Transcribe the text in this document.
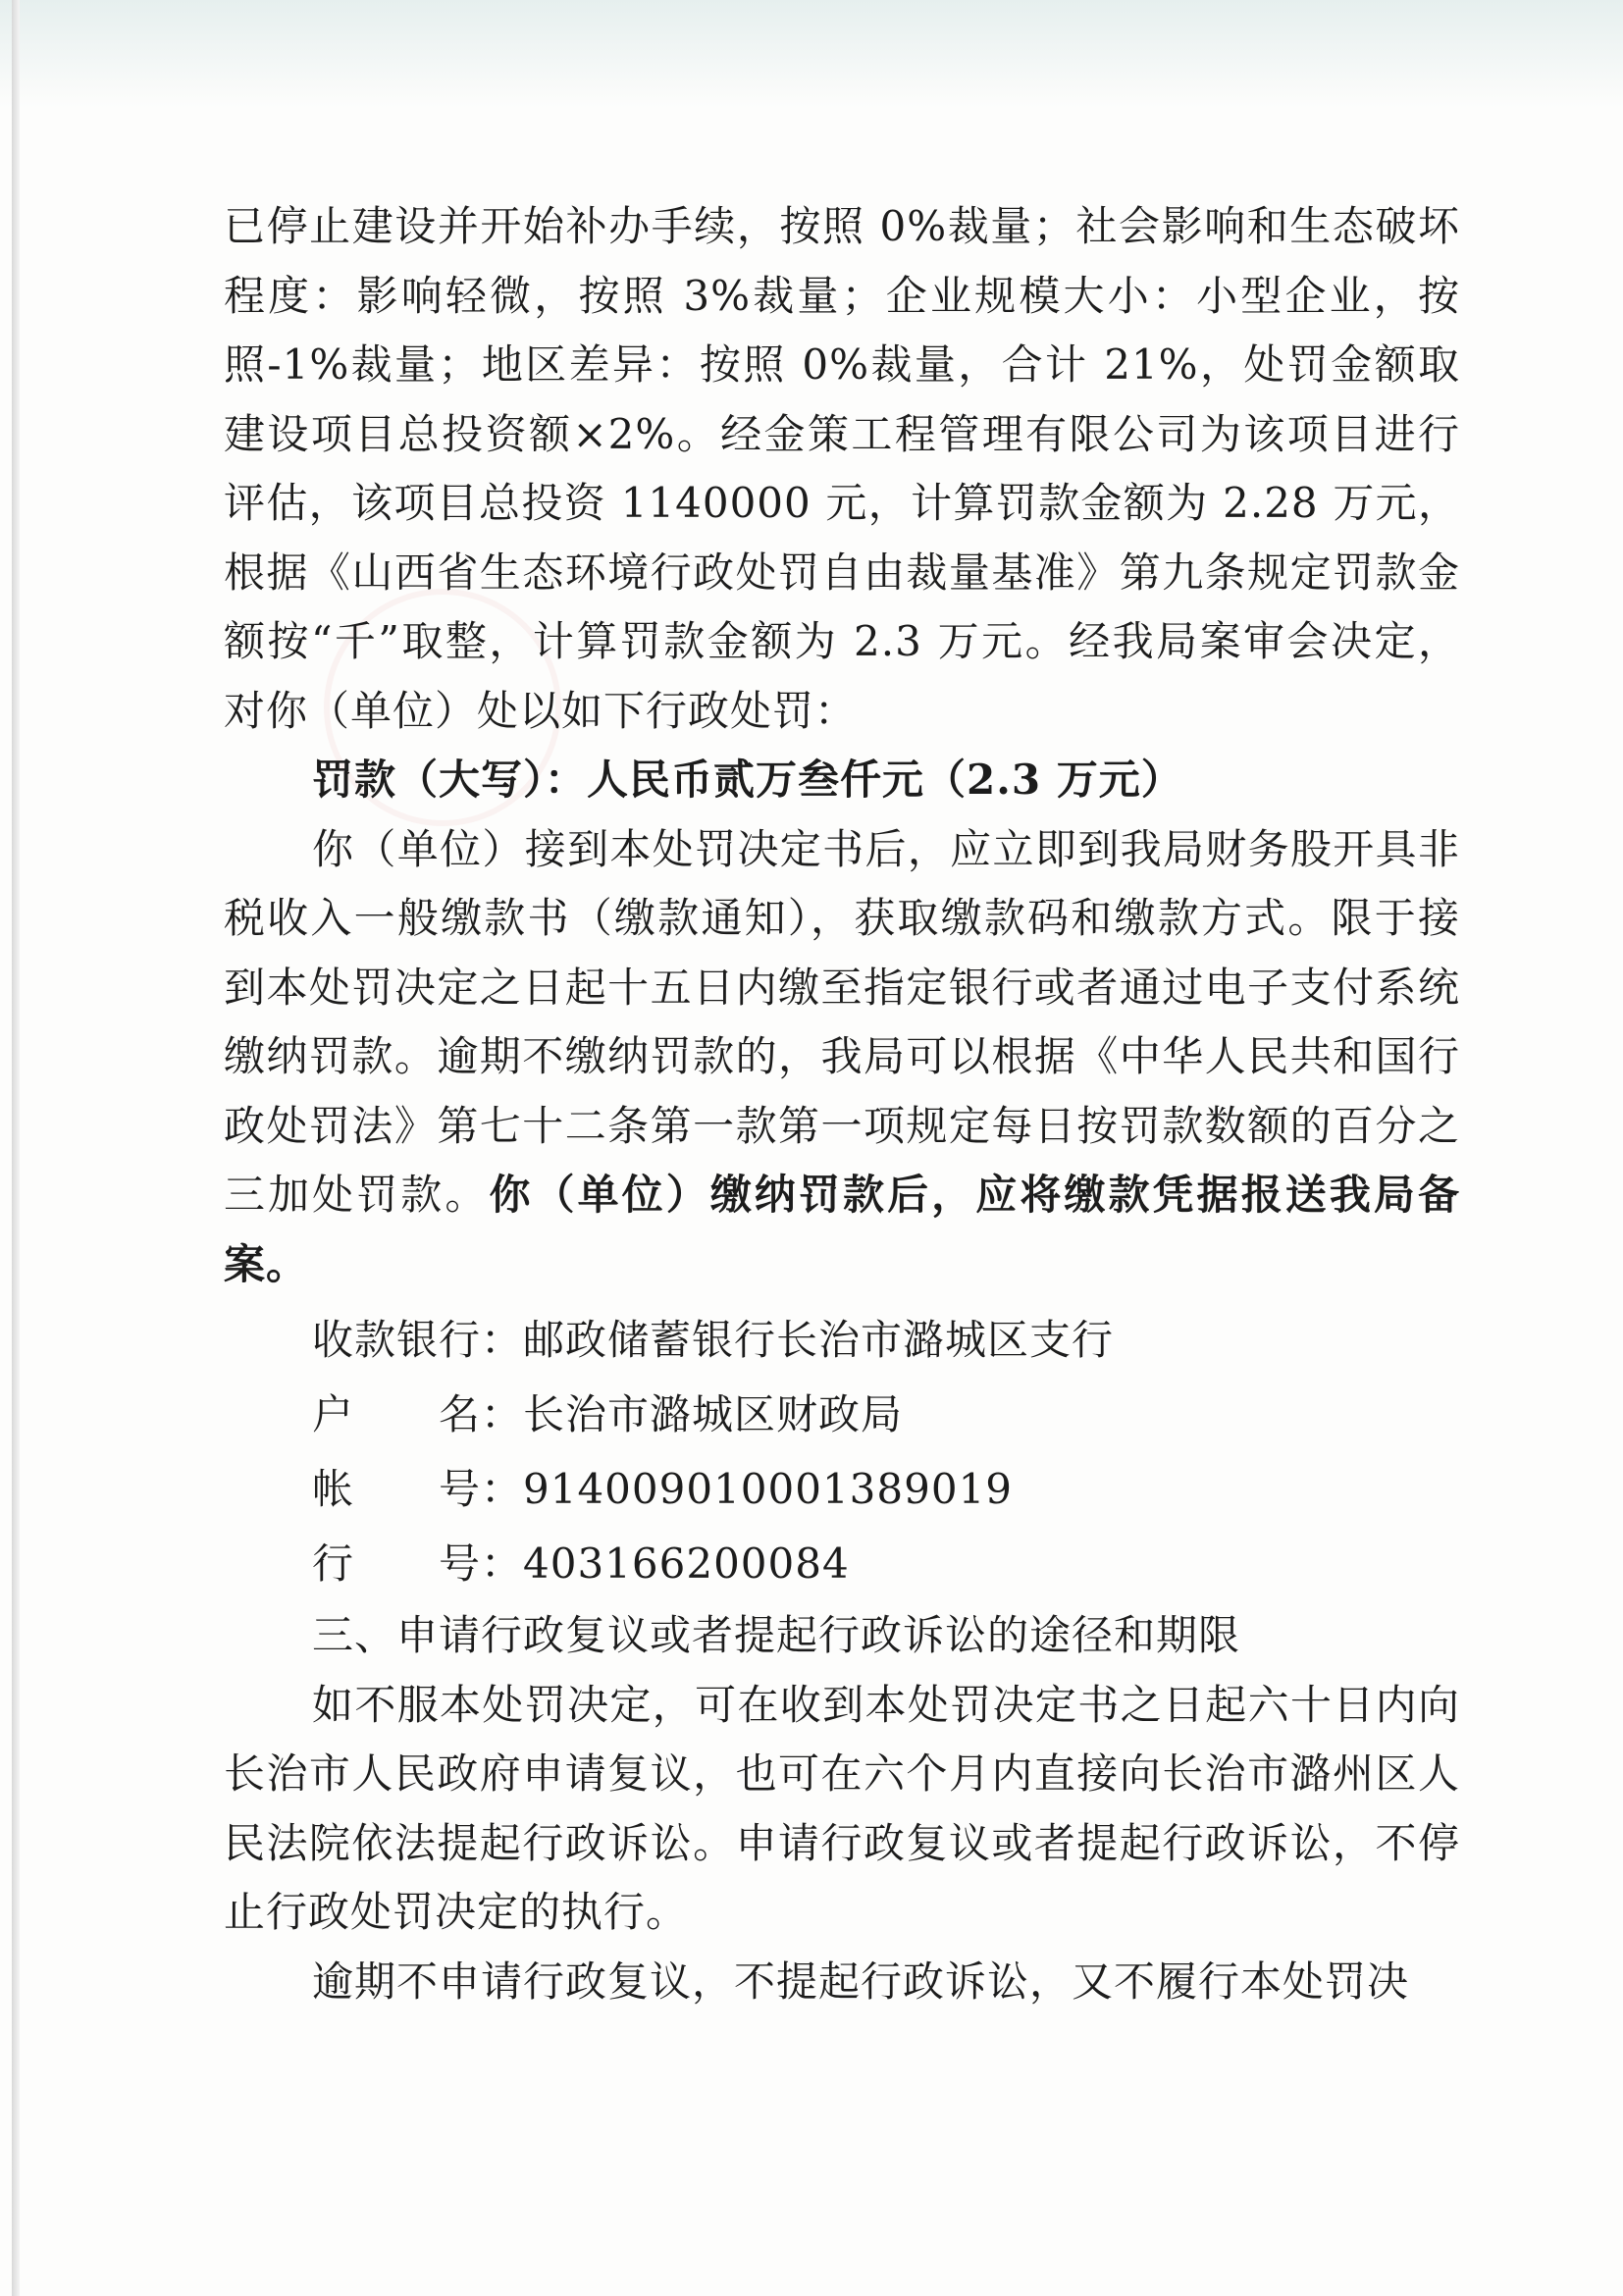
已停止建设并开始补办手续，按照 0%裁量；社会影响和生态破坏程度：影响轻微，按照 3%裁量；企业规模大小：小型企业，按照-1%裁量；地区差异：按照 0%裁量，合计 21%，处罚金额取建设项目总投资额×2%。经金策工程管理有限公司为该项目进行评估，该项目总投资 1140000 元，计算罚款金额为 2.28 万元，根据《山西省生态环境行政处罚自由裁量基准》第九条规定罚款金额按“千”取整，计算罚款金额为 2.3 万元。经我局案审会决定，对你（单位）处以如下行政处罚：

罚款（大写）：人民币贰万叁仟元（2.3 万元）

你（单位）接到本处罚决定书后，应立即到我局财务股开具非税收入一般缴款书（缴款通知），获取缴款码和缴款方式。限于接到本处罚决定之日起十五日内缴至指定银行或者通过电子支付系统缴纳罚款。逾期不缴纳罚款的，我局可以根据《中华人民共和国行政处罚法》第七十二条第一款第一项规定每日按罚款数额的百分之三加处罚款。你（单位）缴纳罚款后，应将缴款凭据报送我局备案。

收款银行：邮政储蓄银行长治市潞城区支行

户　　名：长治市潞城区财政局

帐　　号：914009010001389019

行　　号：403166200084

三、申请行政复议或者提起行政诉讼的途径和期限

如不服本处罚决定，可在收到本处罚决定书之日起六十日内向长治市人民政府申请复议，也可在六个月内直接向长治市潞州区人民法院依法提起行政诉讼。申请行政复议或者提起行政诉讼，不停止行政处罚决定的执行。

逾期不申请行政复议，不提起行政诉讼，又不履行本处罚决
